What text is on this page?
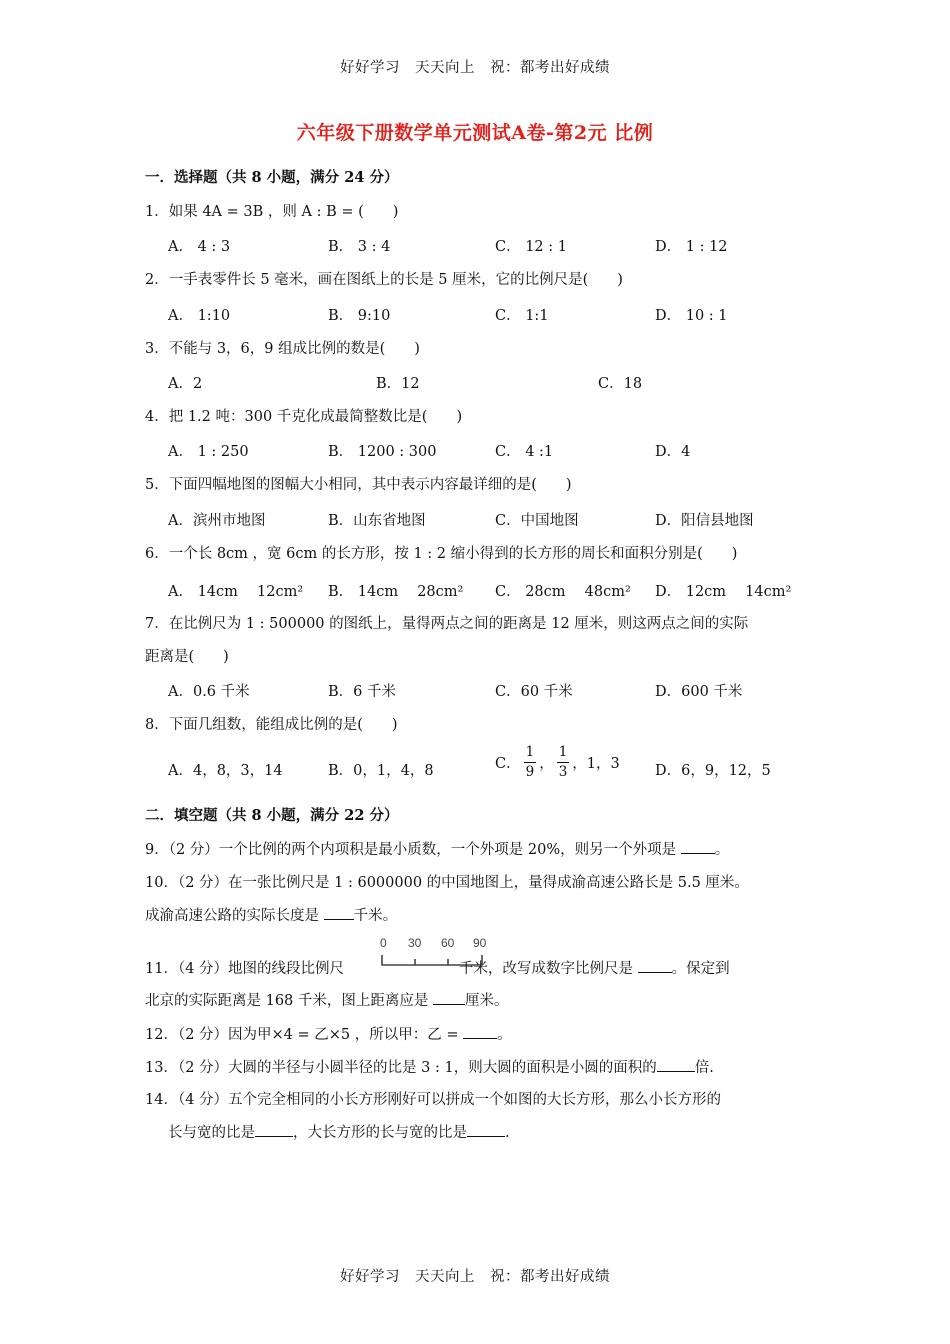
好好学习　天天向上　祝：都考出好成绩
六年级下册数学单元测试A卷-第2元 比例
一．选择题（共 8 小题，满分 24 分）
1．如果 4A = 3B ，则 A : B = (　　)
A． 4 : 3	B． 3 : 4	C． 12 : 1	D． 1 : 12
2．一手表零件长 5 毫米，画在图纸上的长是 5 厘米，它的比例尺是(　　)
A． 1:10	B． 9:10	C． 1:1	D． 10 : 1
3．不能与 3，6，9 组成比例的数是(　　)
A．2	B．12	C．18
4．把 1.2 吨：300 千克化成最简整数比是(　　)
A． 1 : 250	B． 1200 : 300	C． 4 :1	D．4
5．下面四幅地图的图幅大小相同，其中表示内容最详细的是(　　)
A．滨州市地图	B．山东省地图	C．中国地图	D．阳信县地图
6．一个长 8cm ，宽 6cm 的长方形，按 1 : 2 缩小得到的长方形的周长和面积分别是(　　)
A． 14cm　 12cm² B． 14cm　 28cm² C． 28cm　 48cm² D． 12cm　 14cm²
7．在比例尺为 1 : 500000 的图纸上，量得两点之间的距离是 12 厘米，则这两点之间的实际
距离是(　　)
A．0.6 千米	B．6 千米	C．60 千米	D．600 千米
8．下面几组数，能组成比例的是(　　)
A．4，8，3，14	B．0，1，4，8	C． $\frac{1}{9}$ ， $\frac{1}{3}$ ，1，3 D．6，9，12，5
二．填空题（共 8 小题，满分 22 分）
9．（2 分）一个比例的两个内项积是最小质数，一个外项是 20%，则另一个外项是 。
10．（2 分）在一张比例尺是 1 : 6000000 的中国地图上，量得成渝高速公路长是 5.5 厘米。
成渝高速公路的实际长度是 千米。
0 30 60 90
11．（4 分）地图的线段比例尺	千米，改写成数字比例尺是 。保定到
北京的实际距离是 168 千米，图上距离应是 厘米。
12．（2 分）因为甲×4 = 乙×5 ，所以甲：乙 = 。
13．（2 分）大圆的半径与小圆半径的比是 3 : 1，则大圆的面积是小圆的面积的	倍.
14．（4 分）五个完全相同的小长方形刚好可以拼成一个如图的大长方形，那么小长方形的
长与宽的比是	，大长方形的长与宽的比是	.
好好学习　天天向上　祝：都考出好成绩
